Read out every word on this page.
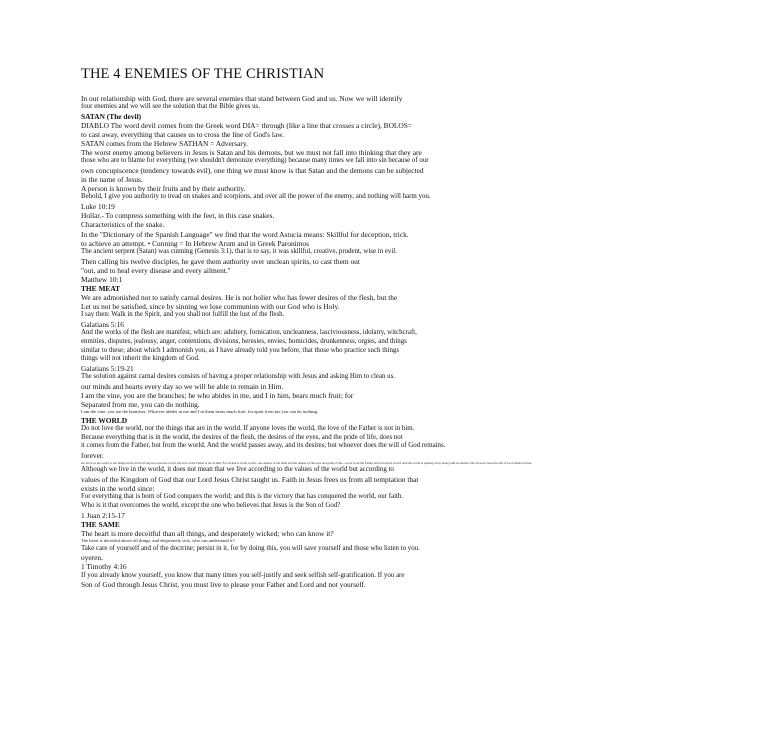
THE 4 ENEMIES OF THE CHRISTIAN
In our relationship with God, there are several enemies that stand between God and us. Now we will identify
four enemies and we will see the solution that the Bible gives us.
SATAN (The devil)
DIABLO The word devil comes from the Greek word DIA= through (like a line that crosses a circle), BOLOS=
to cast away, everything that causes us to cross the line of God's law.
SATAN comes from the Hebrew SATHAN = Adversary.
The worst enemy among believers in Jesus is Satan and his demons, but we must not fall into thinking that they are
those who are to blame for everything (we shouldn't demonize everything) because many times we fall into sin because of our
own concupiscence (tendency towards evil), one thing we must know is that Satan and the demons can be subjected
in the name of Jesus.
A person is known by their fruits and by their authority.
Behold, I give you authority to tread on snakes and scorpions, and over all the power of the enemy, and nothing will harm you.
Luke 10:19
Hollar.- To compress something with the feet, in this case snakes.
Characteristics of the snake.
In the "Dictionary of the Spanish Language" we find that the word Astucia means: Skillful for deception, trick.
to achieve an attempt. • Cunning = In Hebrew Arum and in Greek Paronimos
The ancient serpent (Satan) was cunning (Genesis 3:1), that is to say, it was skillful, creative, prudent, wise in evil.
Then calling his twelve disciples, he gave them authority over unclean spirits, to cast them out
"out, and to heal every disease and every ailment."
Matthew 10:1
THE MEAT
We are admonished not to satisfy carnal desires. He is not holier who has fewer desires of the flesh, but the
Let us not be satisfied, since by sinning we lose communion with our God who is Holy.
I say then: Walk in the Spirit, and you shall not fulfill the lust of the flesh.
Galatians 5:16
And the works of the flesh are manifest, which are: adultery, fornication, uncleanness, lasciviousness, idolatry, witchcraft,
enmities, disputes, jealousy, anger, contentions, divisions, heresies, envies, homicides, drunkenness, orgies, and things
similar to these; about which I admonish you, as I have already told you before, that those who practice such things
things will not inherit the kingdom of God.
Galatians 5:19-21
The solution against carnal desires consists of having a proper relationship with Jesus and asking Him to clean us.
our minds and hearts every day so we will be able to remain in Him.
I am the vine, you are the branches; he who abides in me, and I in him, bears much fruit; for
Separated from me, you can do nothing.
I am the vine; you are the branches. Whoever abides in me and I in them bears much fruit, for apart from me you can do nothing.
THE WORLD
Do not love the world, nor the things that are in the world. If anyone loves the world, the love of the Father is not in him.
Because everything that is in the world, the desires of the flesh, the desires of the eyes, and the pride of life, does not
it comes from the Father, but from the world. And the world passes away, and its desires; but whoever does the will of God remains.
forever.
Do not love the world or the things in the world. If anyone loves the world, the love of the Father is not in him. For all that is in the world—the desires of the flesh and the desires of the eyes and pride of life—is not from the Father but is from the world. And the world is passing away along with its desires, but whoever does the will of God abides forever.
Although we live in the world, it does not mean that we live according to the values of the world but according to
values of the Kingdom of God that our Lord Jesus Christ taught us. Faith in Jesus frees us from all temptation that
exists in the world since:
For everything that is born of God conquers the world; and this is the victory that has conquered the world, our faith.
Who is it that overcomes the world, except the one who believes that Jesus is the Son of God?
1 Juan 2:15-17
THE SAME
The heart is more deceitful than all things, and desperately wicked; who can know it?
The heart is deceitful above all things, and desperately sick; who can understand it?
Take care of yourself and of the doctrine; persist in it, for by doing this, you will save yourself and those who listen to you.
oyeren.
1 Timothy 4:16
If you already know yourself, you know that many times you self-justify and seek selfish self-gratification. If you are
Son of God through Jesus Christ, you must live to please your Father and Lord and not yourself.
